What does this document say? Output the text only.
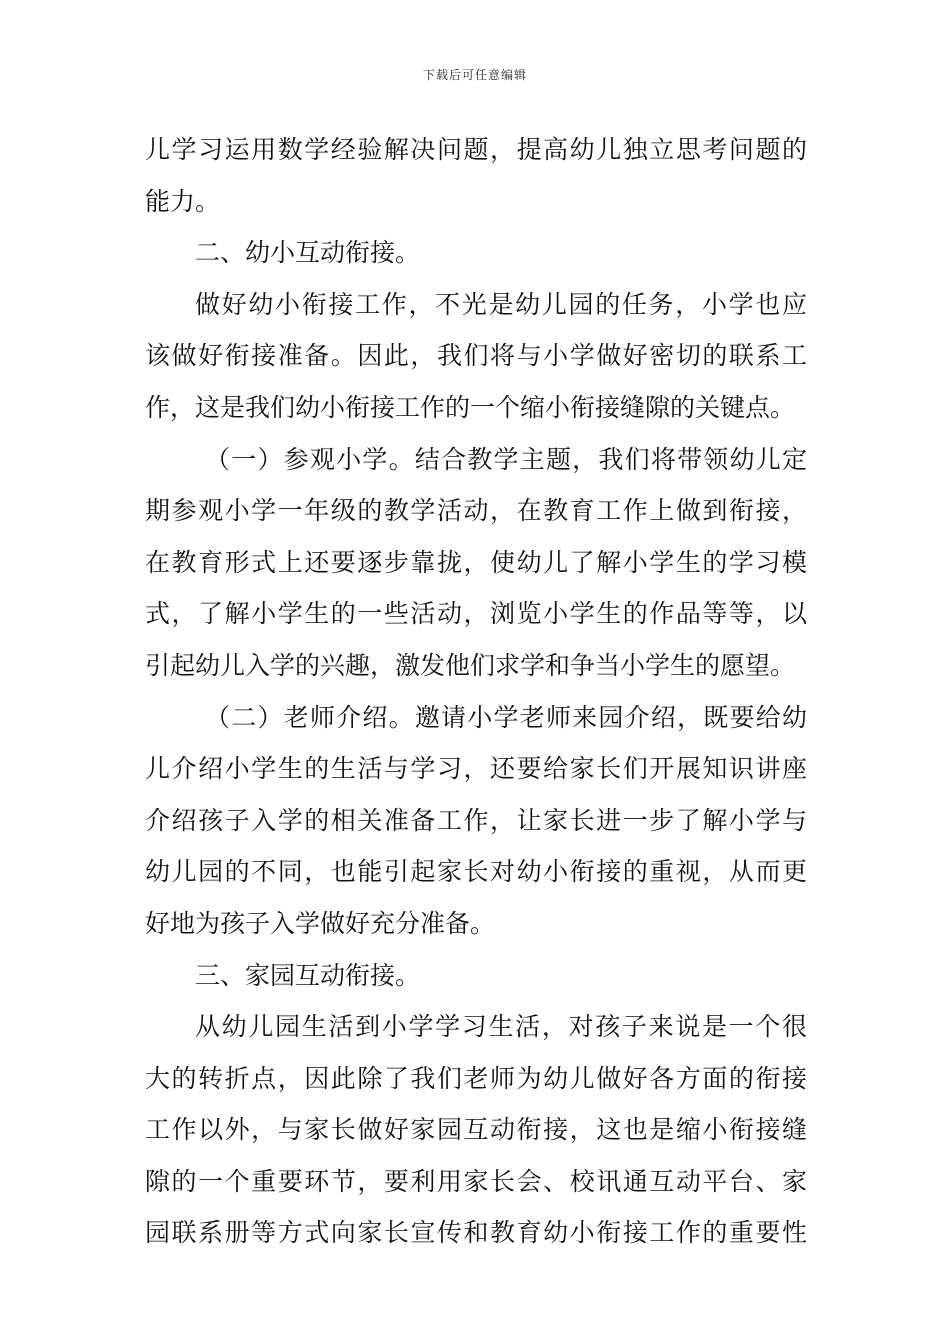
下载后可任意编辑
儿学习运用数学经验解决问题，提高幼儿独立思考问题的
能力。
二、幼小互动衔接。
做好幼小衔接工作，不光是幼儿园的任务，小学也应
该做好衔接准备。因此，我们将与小学做好密切的联系工
作，这是我们幼小衔接工作的一个缩小衔接缝隙的关键点。
（一）参观小学。结合教学主题，我们将带领幼儿定
期参观小学一年级的教学活动，在教育工作上做到衔接，
在教育形式上还要逐步靠拢，使幼儿了解小学生的学习模
式，了解小学生的一些活动，浏览小学生的作品等等，以
引起幼儿入学的兴趣，激发他们求学和争当小学生的愿望。
（二）老师介绍。邀请小学老师来园介绍，既要给幼
儿介绍小学生的生活与学习，还要给家长们开展知识讲座
介绍孩子入学的相关准备工作，让家长进一步了解小学与
幼儿园的不同，也能引起家长对幼小衔接的重视，从而更
好地为孩子入学做好充分准备。
三、家园互动衔接。
从幼儿园生活到小学学习生活，对孩子来说是一个很
大的转折点，因此除了我们老师为幼儿做好各方面的衔接
工作以外，与家长做好家园互动衔接，这也是缩小衔接缝
隙的一个重要环节，要利用家长会、校讯通互动平台、家
园联系册等方式向家长宣传和教育幼小衔接工作的重要性
